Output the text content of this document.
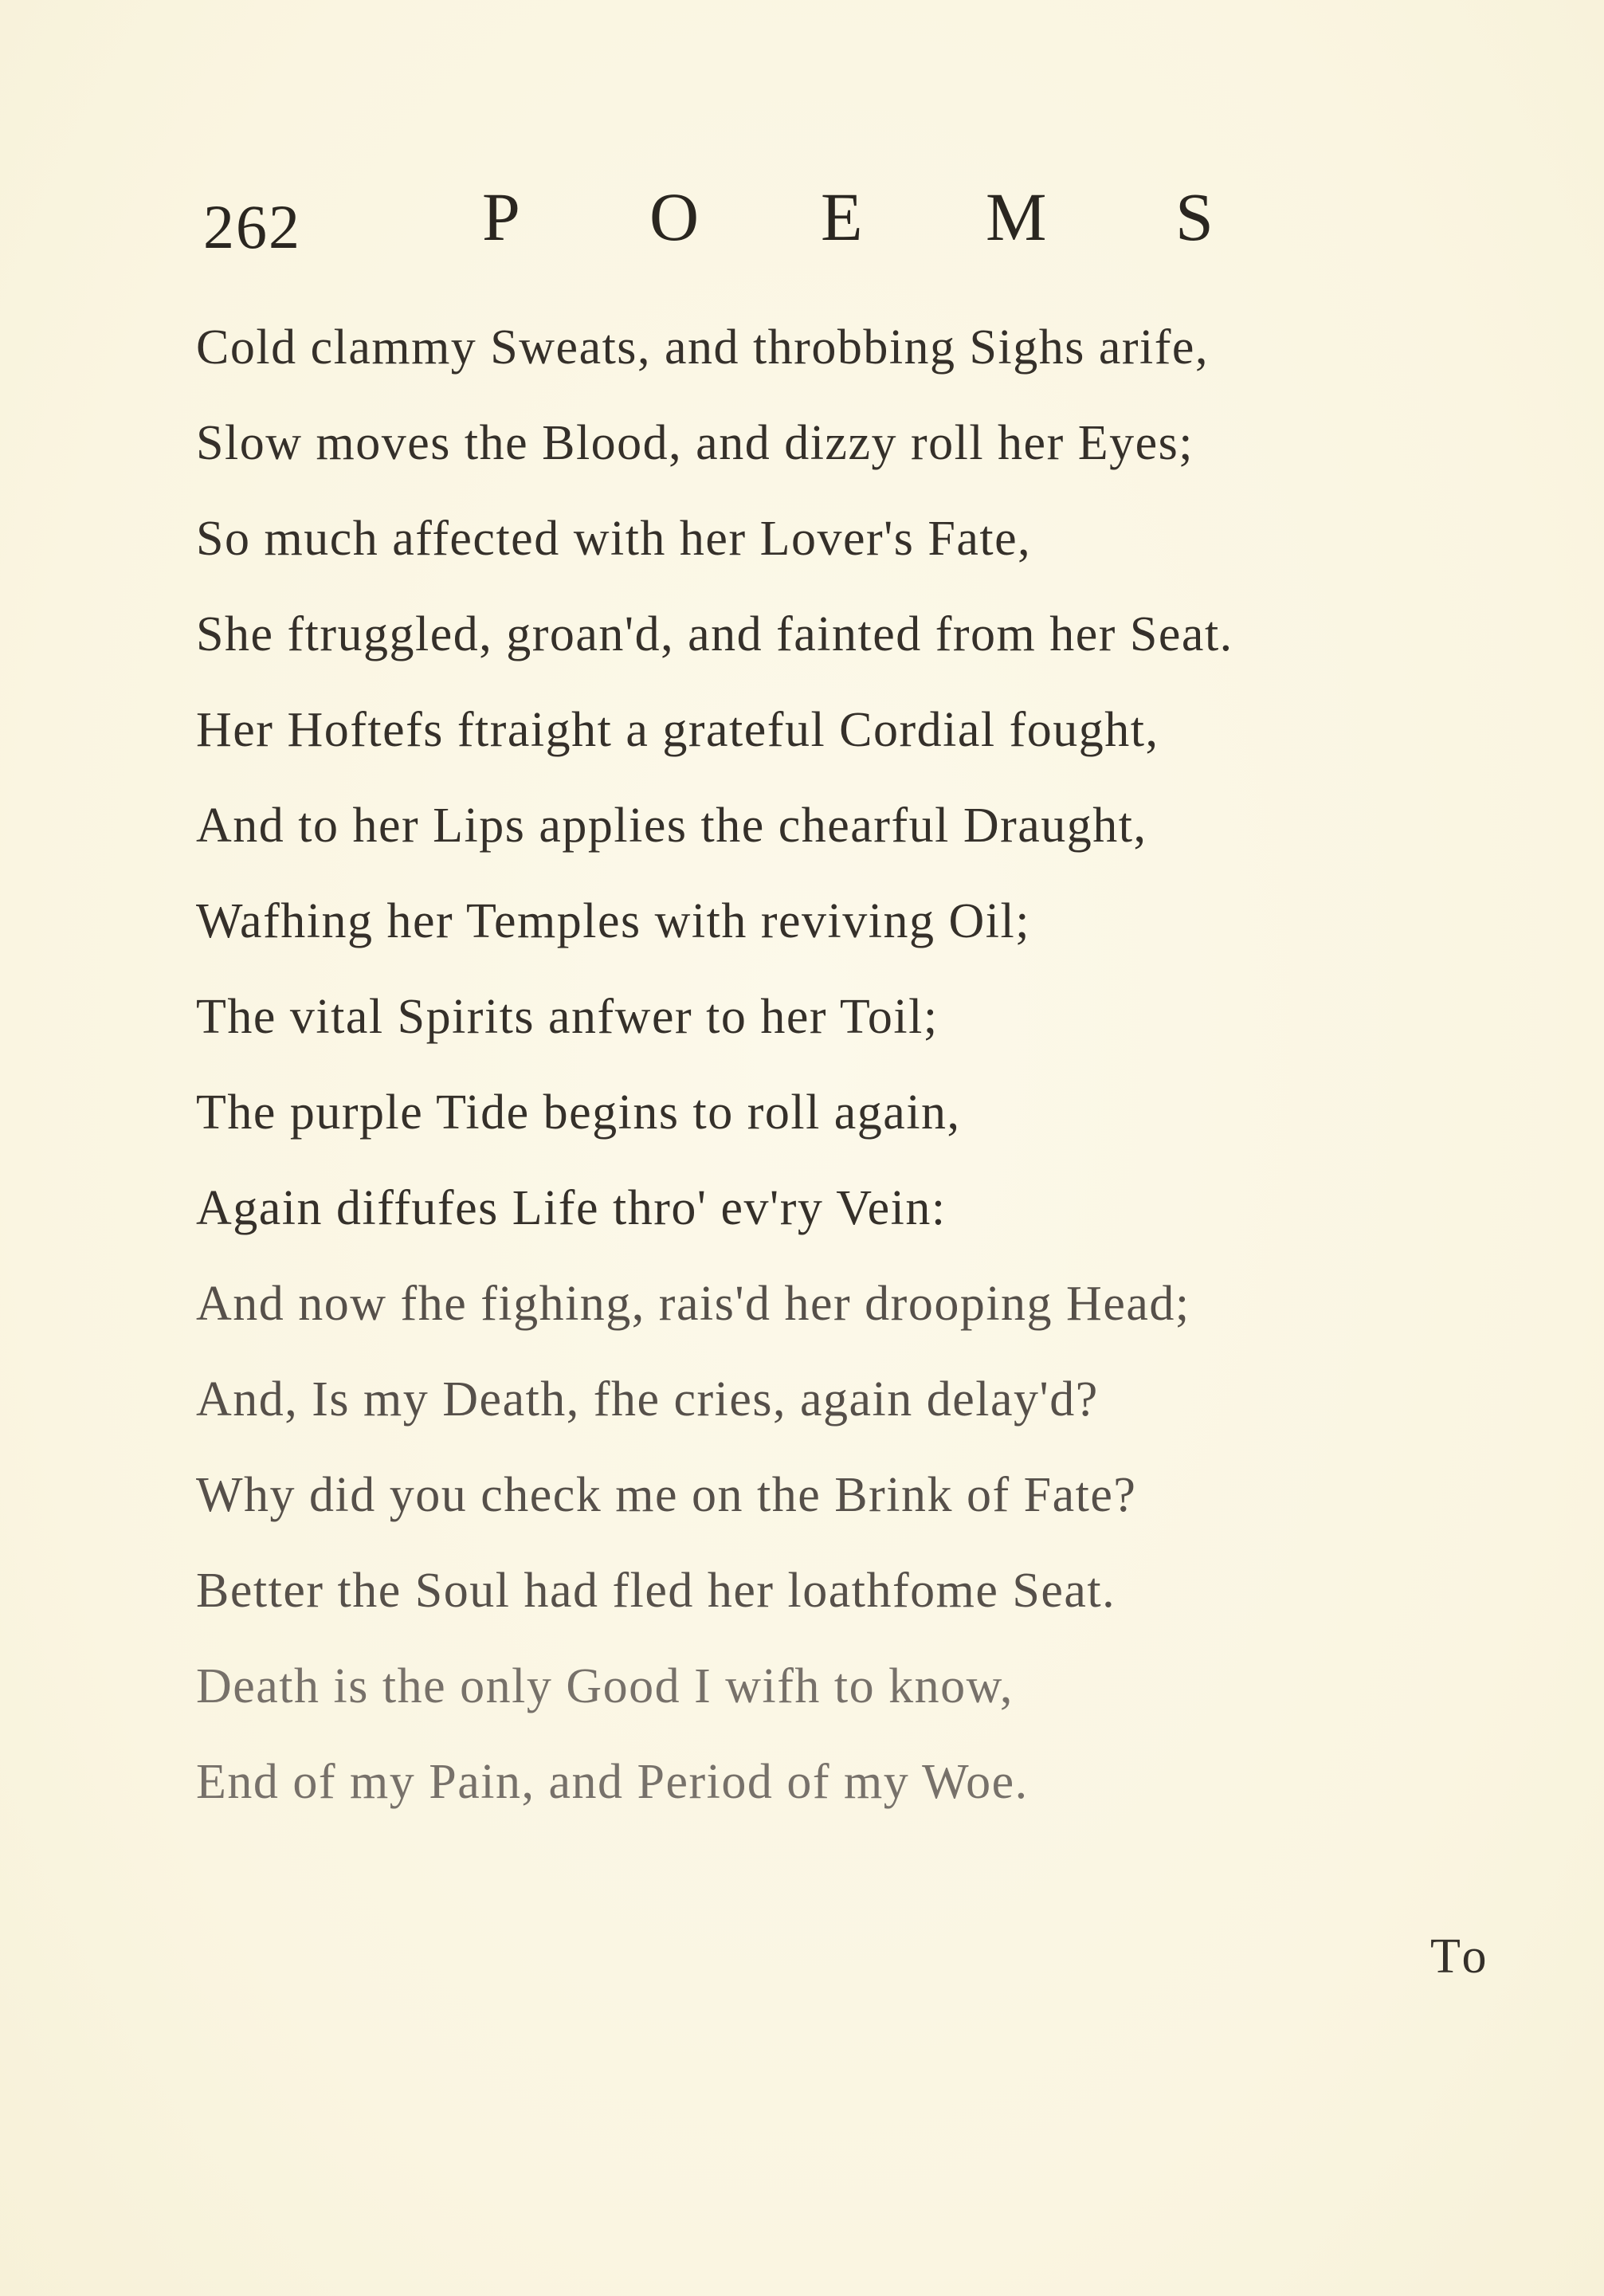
262	P O E M S
Cold clammy Sweats, and throbbing Sighs arife,
Slow moves the Blood, and dizzy roll her Eyes;
So much affected with her Lover's Fate,
She ftruggled, groan'd, and fainted from her Seat.
Her Hoftefs ftraight a grateful Cordial fought,
And to her Lips applies the chearful Draught,
Wafhing her Temples with reviving Oil;
The vital Spirits anfwer to her Toil;
The purple Tide begins to roll again,
Again diffufes Life thro' ev'ry Vein:
And now fhe fighing, rais'd her drooping Head;
And, Is my Death, fhe cries, again delay'd?
Why did you check me on the Brink of Fate?
Better the Soul had fled her loathfome Seat.
Death is the only Good I wifh to know,
End of my Pain, and Period of my Woe.
To
